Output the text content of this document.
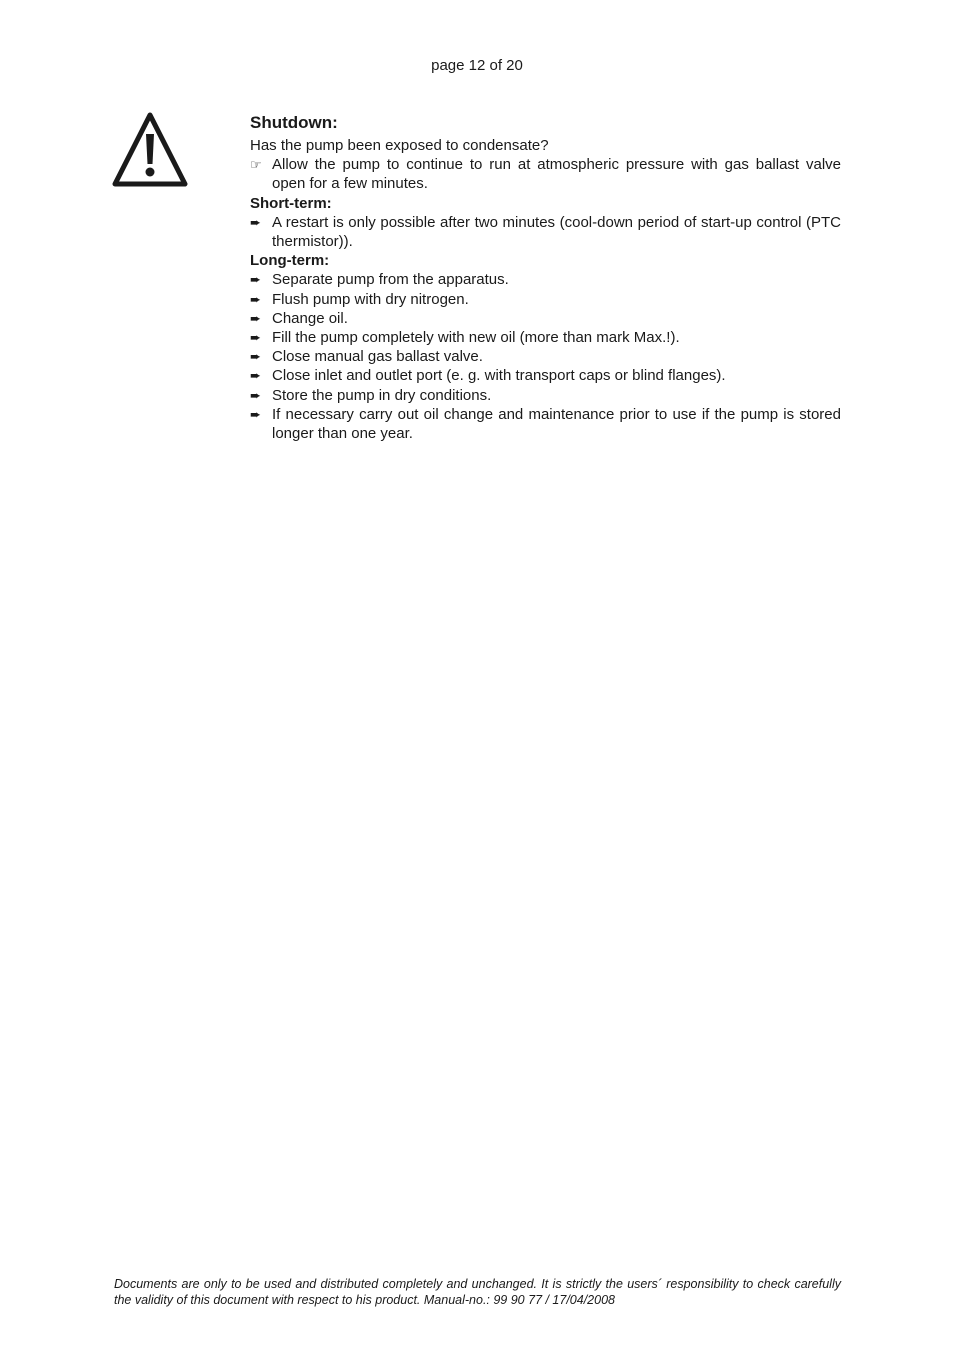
page 12 of 20
Shutdown:

Has the pump been exposed to condensate?

☞ Allow the pump to continue to run at atmospheric pressure with gas ballast valve open for a few minutes.

Short-term:

➨ A restart is only possible after two minutes (cool-down period of start-up control (PTC thermistor)).

Long-term:

➨ Separate pump from the apparatus.
➨ Flush pump with dry nitrogen.
➨ Change oil.
➨ Fill the pump completely with new oil (more than mark Max.!).
➨ Close manual gas ballast valve.
➨ Close inlet and outlet port (e. g. with transport caps or blind flanges).
➨ Store the pump in dry conditions.
➨ If necessary carry out oil change and maintenance prior to use if the pump is stored longer than one year.
Documents are only to be used and distributed completely and unchanged. It is strictly the users´ responsibility to check carefully the validity of this document with respect to his product. Manual-no.: 99 90 77 / 17/04/2008
